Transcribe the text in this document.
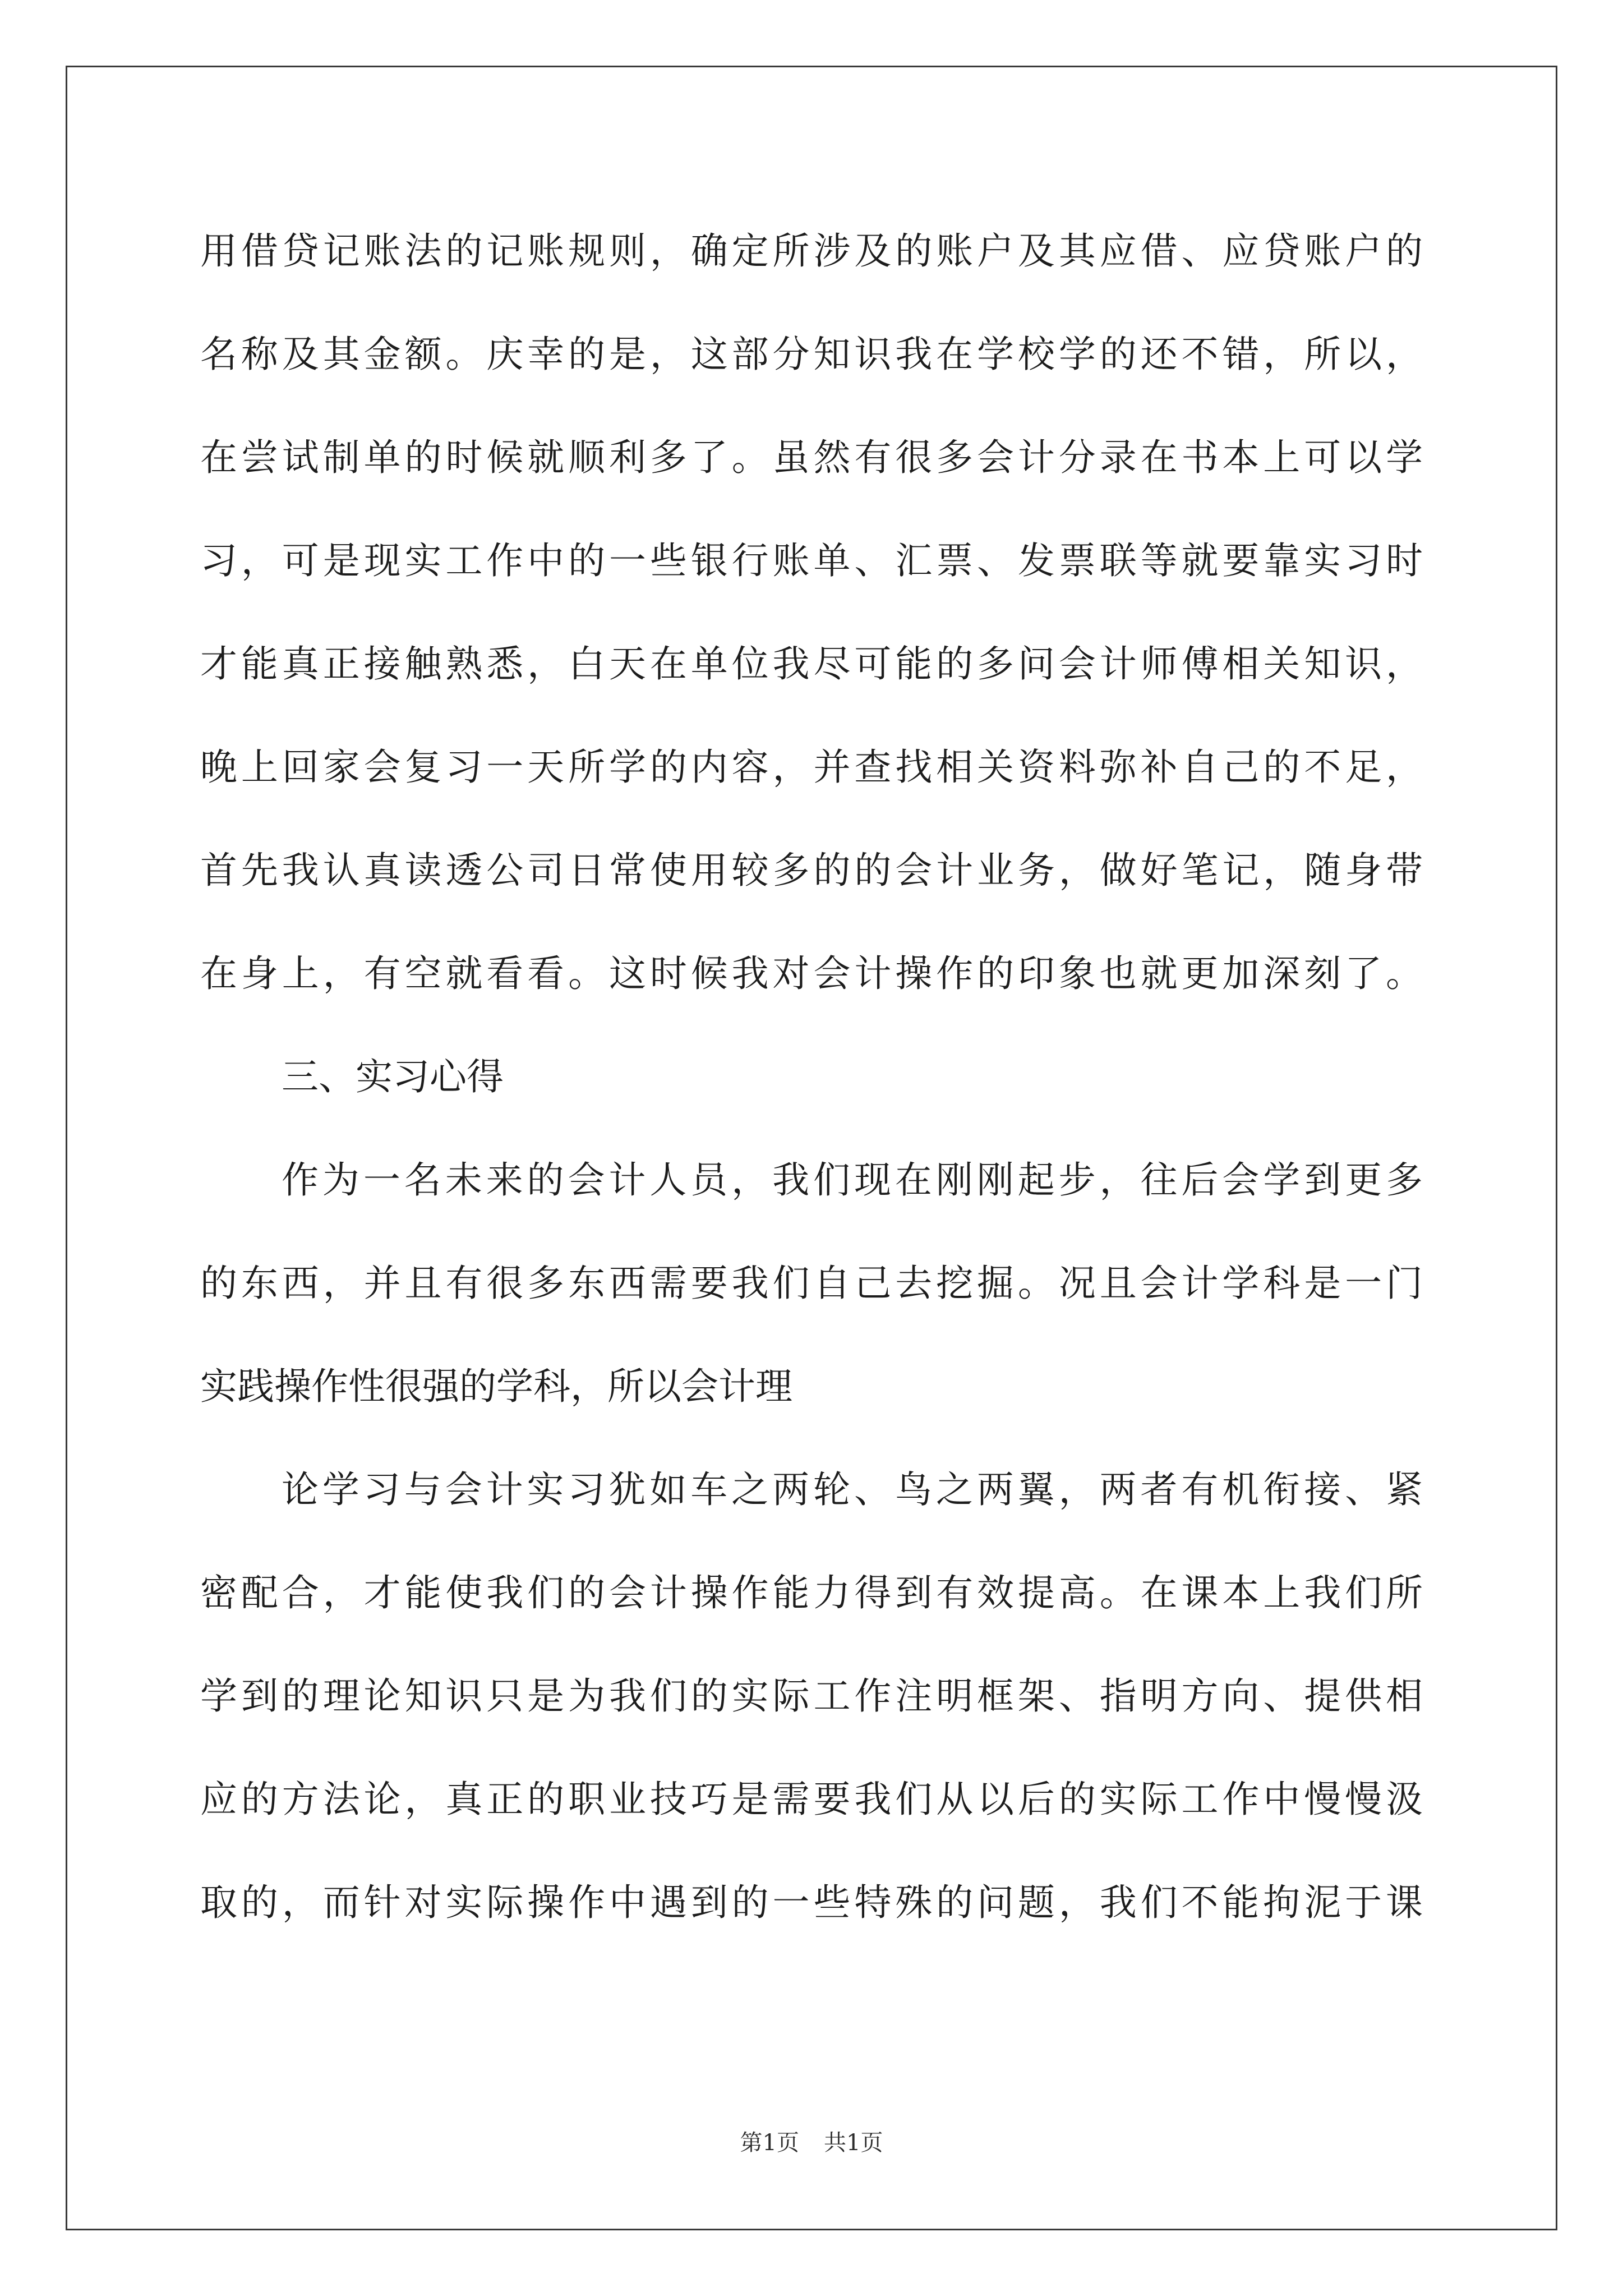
用借贷记账法的记账规则，确定所涉及的账户及其应借、应贷账户的
名称及其金额。庆幸的是，这部分知识我在学校学的还不错，所以，
在尝试制单的时候就顺利多了。虽然有很多会计分录在书本上可以学
习，可是现实工作中的一些银行账单、汇票、发票联等就要靠实习时
才能真正接触熟悉，白天在单位我尽可能的多问会计师傅相关知识，
晚上回家会复习一天所学的内容，并查找相关资料弥补自己的不足，
首先我认真读透公司日常使用较多的的会计业务，做好笔记，随身带
在身上，有空就看看。这时候我对会计操作的印象也就更加深刻了。
三、实习心得
作为一名未来的会计人员，我们现在刚刚起步，往后会学到更多
的东西，并且有很多东西需要我们自己去挖掘。况且会计学科是一门
实践操作性很强的学科，所以会计理
论学习与会计实习犹如车之两轮、鸟之两翼，两者有机衔接、紧
密配合，才能使我们的会计操作能力得到有效提高。在课本上我们所
学到的理论知识只是为我们的实际工作注明框架、指明方向、提供相
应的方法论，真正的职业技巧是需要我们从以后的实际工作中慢慢汲
取的，而针对实际操作中遇到的一些特殊的问题，我们不能拘泥于课
第1页 共1页
